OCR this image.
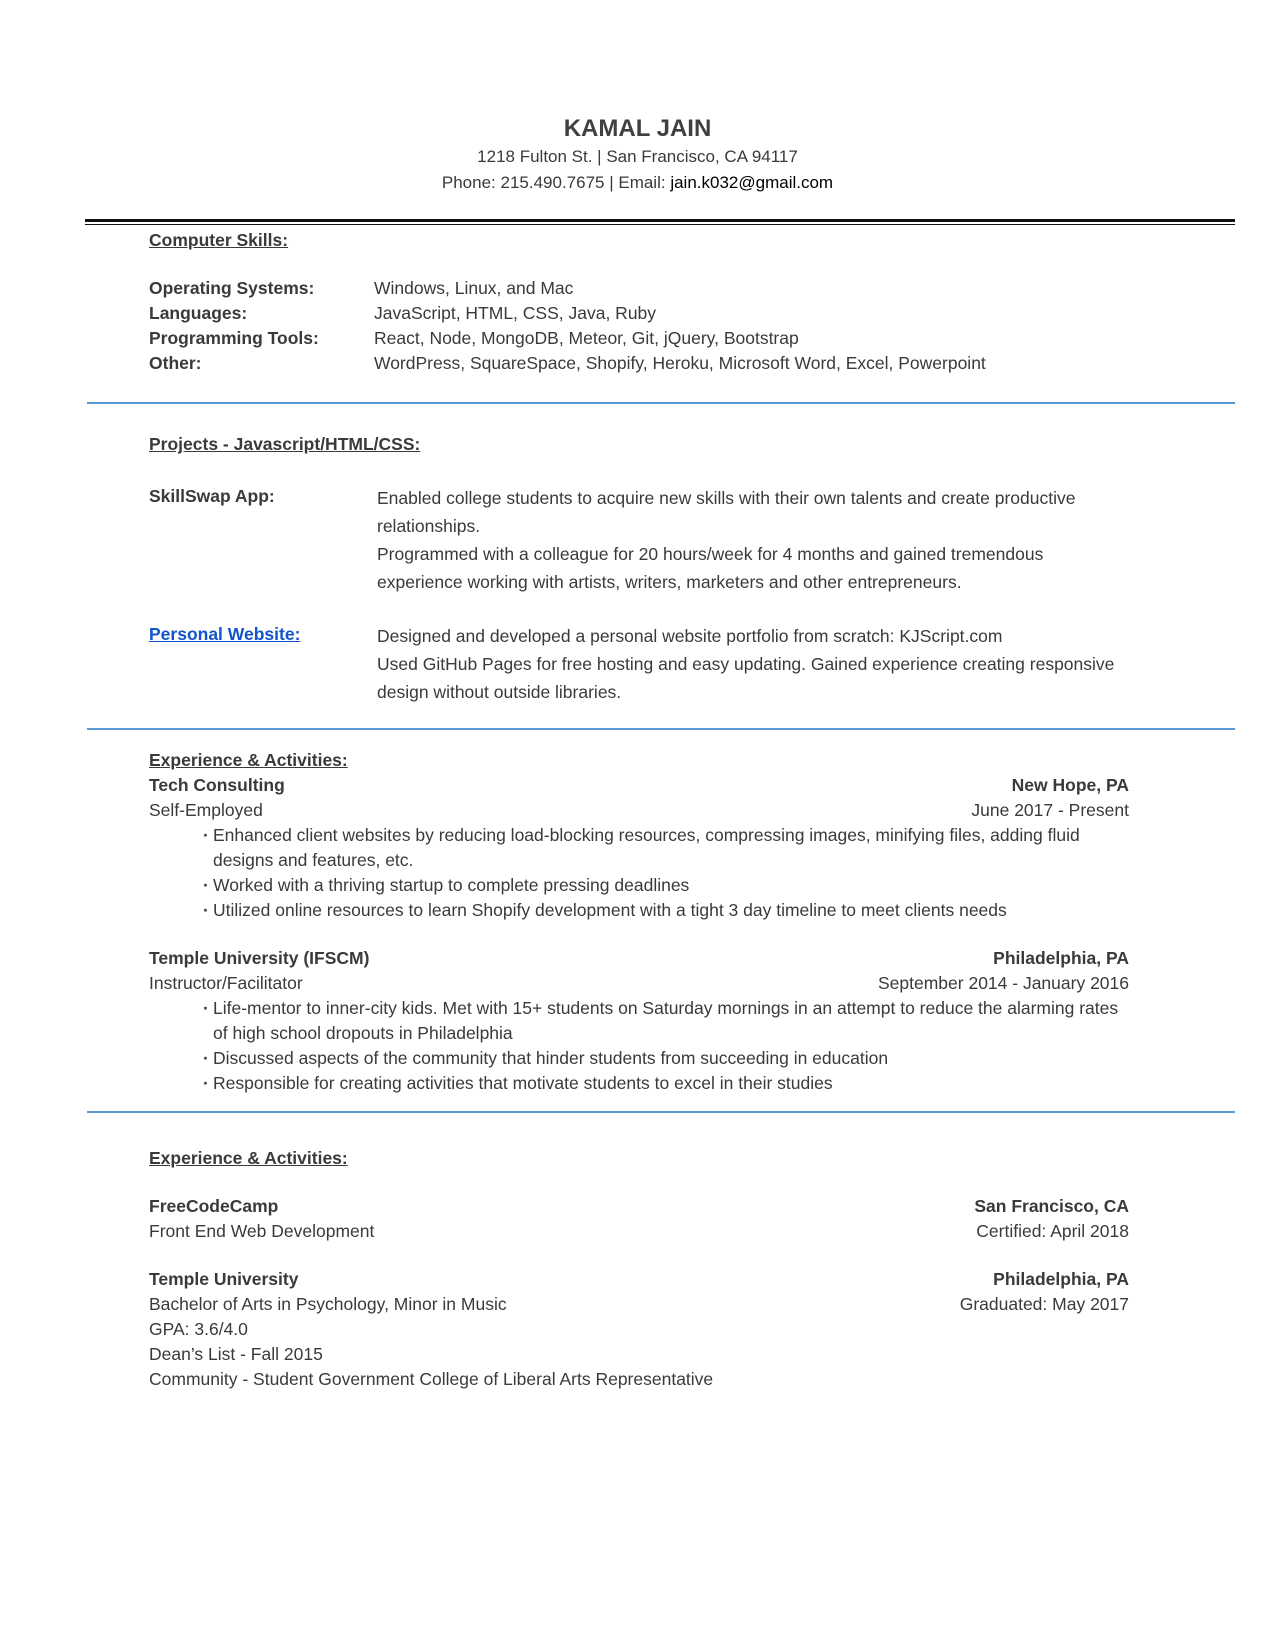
KAMAL JAIN
1218 Fulton St. | San Francisco, CA 94117
Phone: 215.490.7675 | Email: jain.k032@gmail.com
Computer Skills:
Operating Systems:	Windows, Linux, and Mac
Languages:	JavaScript, HTML, CSS, Java, Ruby
Programming Tools:	React, Node, MongoDB, Meteor, Git, jQuery, Bootstrap
Other:	WordPress, SquareSpace, Shopify, Heroku, Microsoft Word, Excel, Powerpoint
Projects - Javascript/HTML/CSS:
SkillSwap App:	Enabled college students to acquire new skills with their own talents and create productive relationships.
Programmed with a colleague for 20 hours/week for 4 months and gained tremendous experience working with artists, writers, marketers and other entrepreneurs.
Personal Website:	Designed and developed a personal website portfolio from scratch: KJScript.com
Used GitHub Pages for free hosting and easy updating. Gained experience creating responsive design without outside libraries.
Experience & Activities:
Tech Consulting	New Hope, PA
Self-Employed	June 2017 - Present
· Enhanced client websites by reducing load-blocking resources, compressing images, minifying files, adding fluid designs and features, etc.
· Worked with a thriving startup to complete pressing deadlines
· Utilized online resources to learn Shopify development with a tight 3 day timeline to meet clients needs
Temple University (IFSCM)	Philadelphia, PA
Instructor/Facilitator	September 2014 - January 2016
· Life-mentor to inner-city kids. Met with 15+ students on Saturday mornings in an attempt to reduce the alarming rates of high school dropouts in Philadelphia
· Discussed aspects of the community that hinder students from succeeding in education
· Responsible for creating activities that motivate students to excel in their studies
Experience & Activities:
FreeCodeCamp	San Francisco, CA
Front End Web Development	Certified: April 2018
Temple University	Philadelphia, PA
Bachelor of Arts in Psychology, Minor in Music	Graduated: May 2017
GPA: 3.6/4.0
Dean’s List - Fall 2015
Community - Student Government College of Liberal Arts Representative
